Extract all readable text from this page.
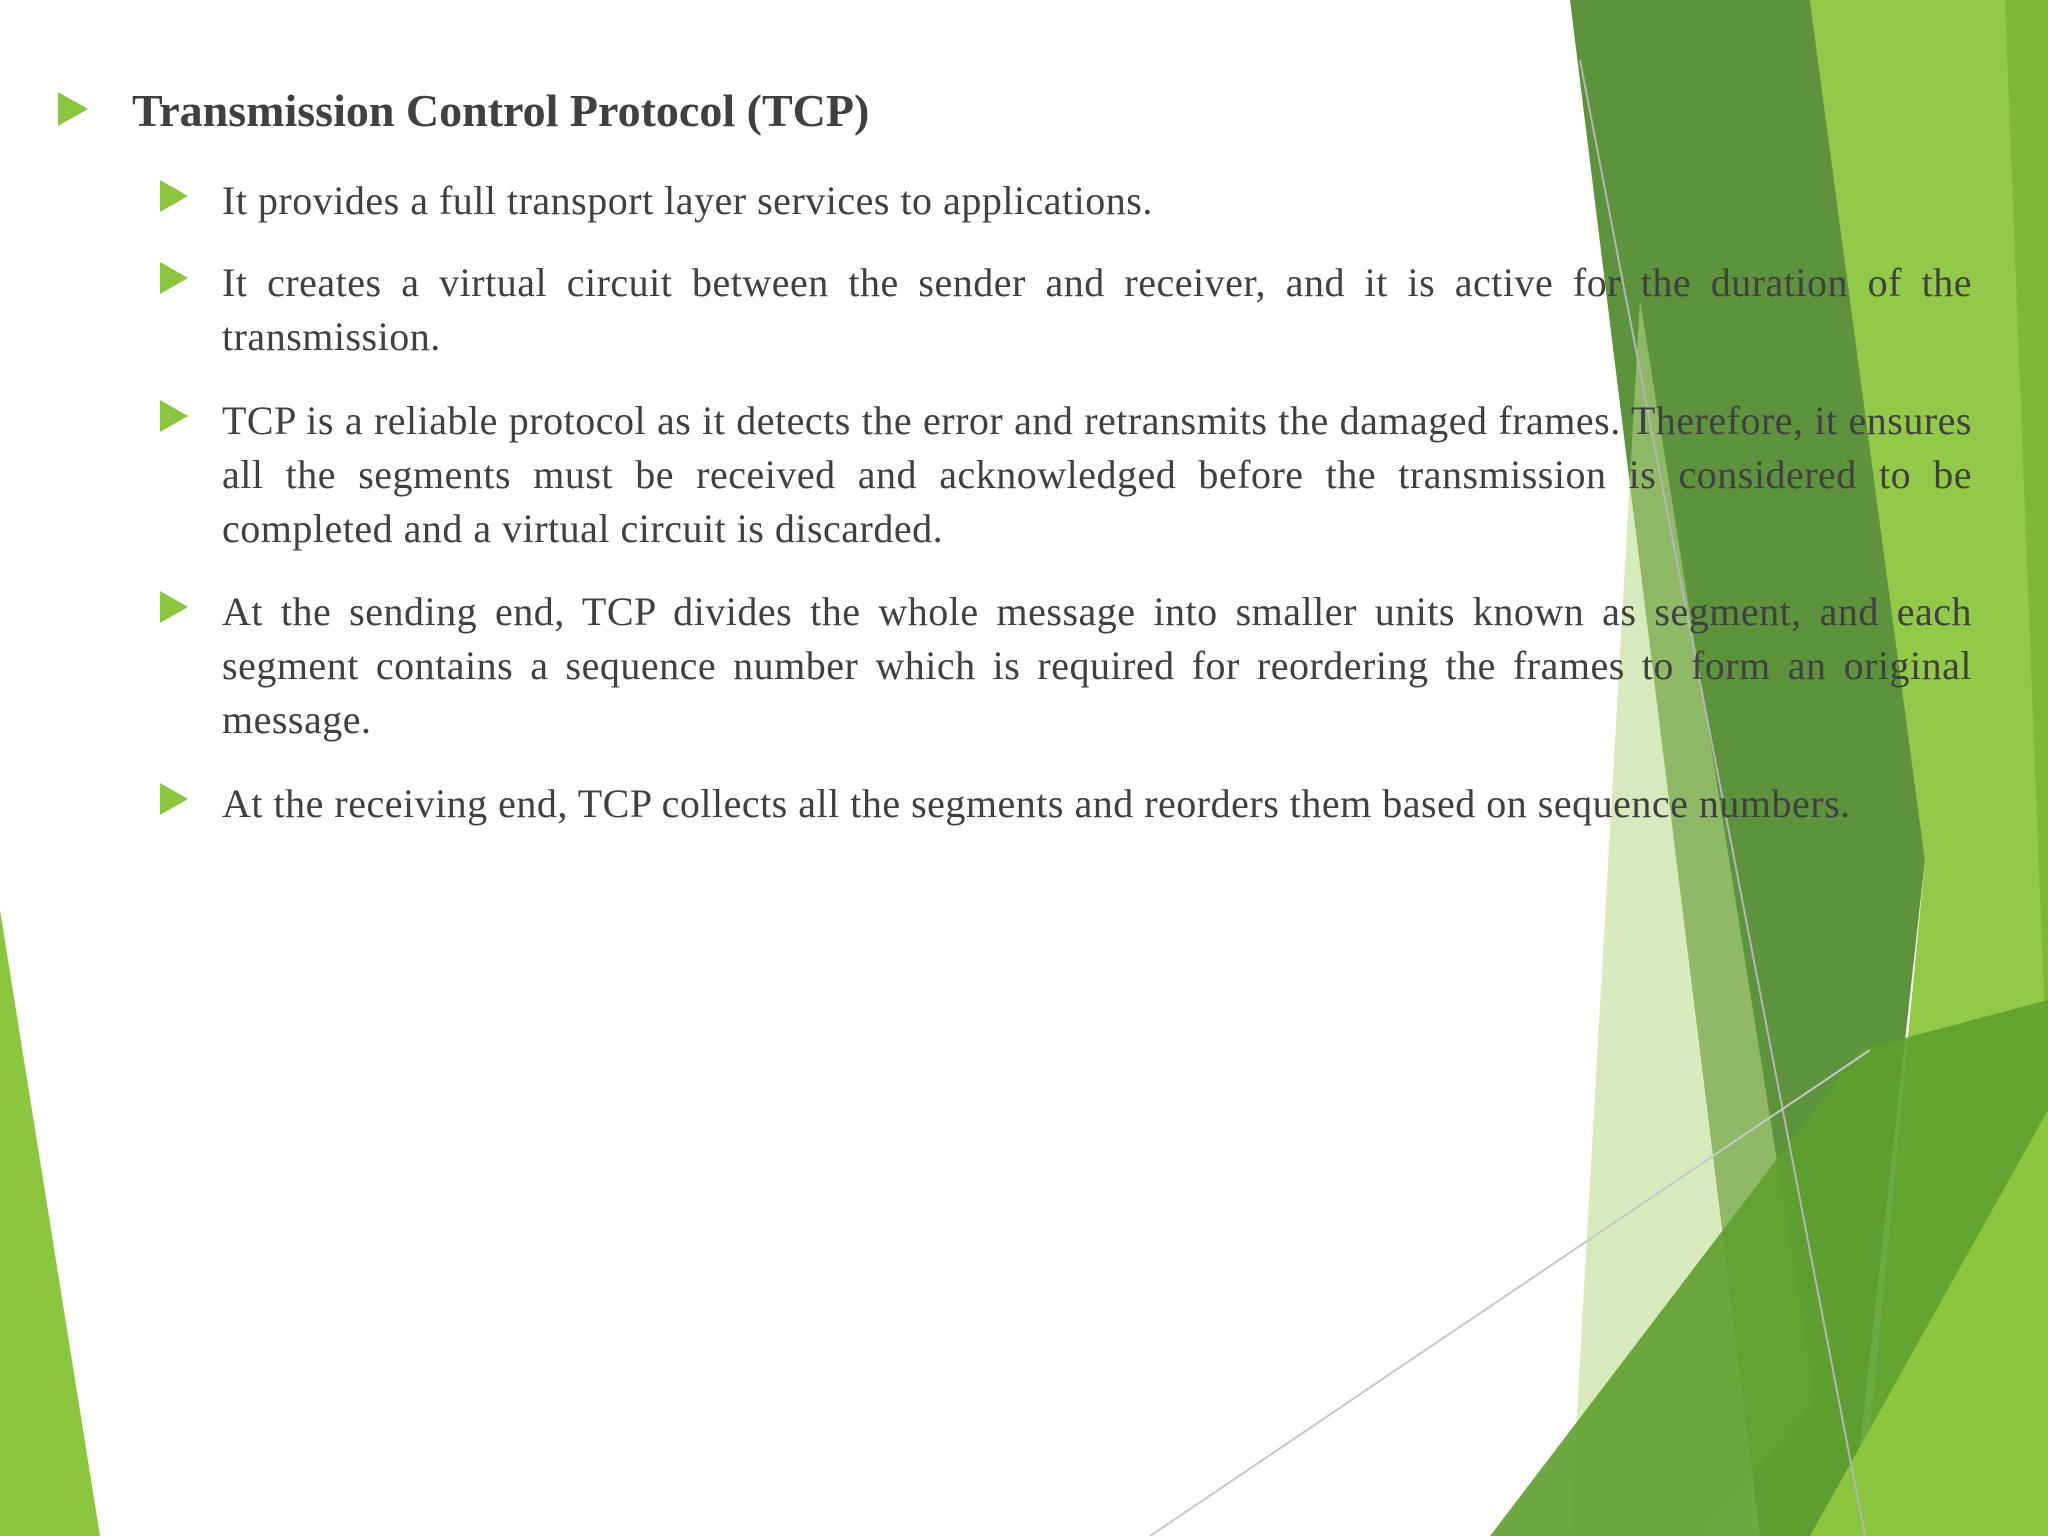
Transmission Control Protocol (TCP)
It provides a full transport layer services to applications.
It creates a virtual circuit between the sender and receiver, and it is active for the duration of the transmission.
TCP is a reliable protocol as it detects the error and retransmits the damaged frames. Therefore, it ensures all the segments must be received and acknowledged before the transmission is considered to be completed and a virtual circuit is discarded.
At the sending end, TCP divides the whole message into smaller units known as segment, and each segment contains a sequence number which is required for reordering the frames to form an original message.
At the receiving end, TCP collects all the segments and reorders them based on sequence numbers.
